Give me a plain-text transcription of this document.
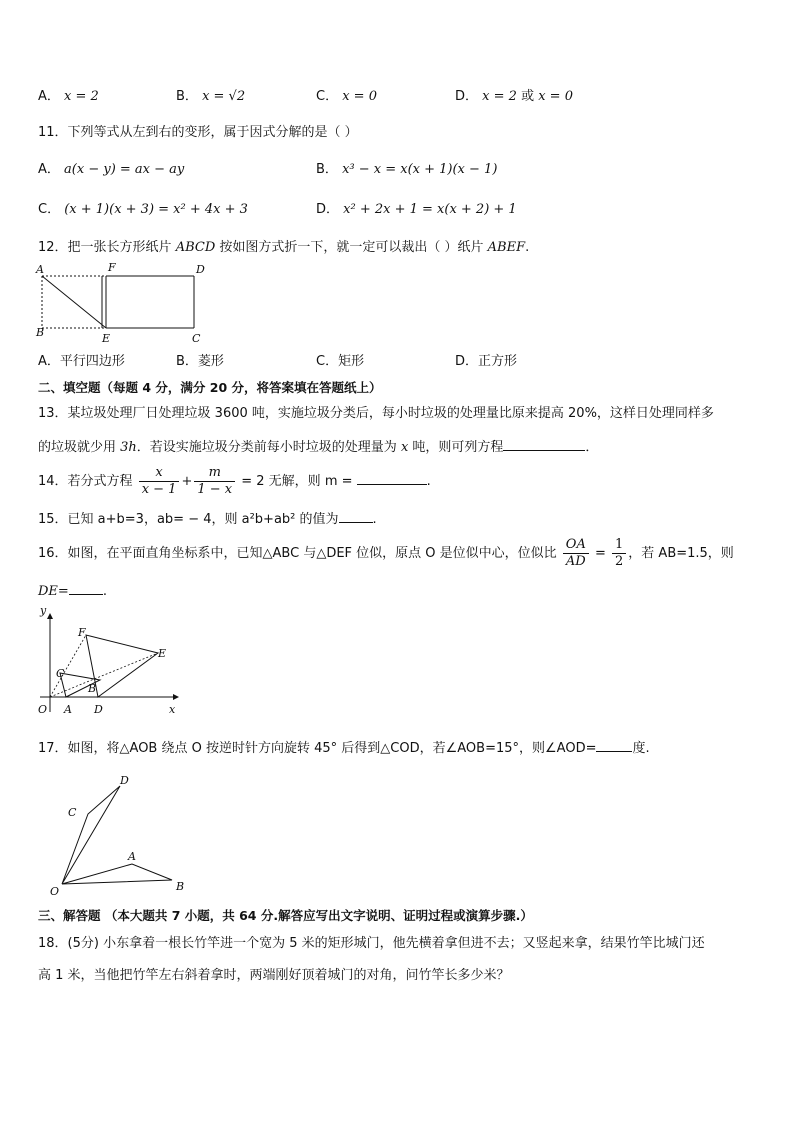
A． x = 2	B． x = √2	C． x = 0	D． x = 2 或 x = 0
11．下列等式从左到右的变形，属于因式分解的是（ ）
A． a(x − y) = ax − ay	B． x³ − x = x(x + 1)(x − 1)
C． (x + 1)(x + 3) = x² + 4x + 3	D． x² + 2x + 1 = x(x + 2) + 1
12．把一张长方形纸片 ABCD 按如图方式折一下，就一定可以裁出（ ）纸片 ABEF.
A	F	D
B	E	C
A．平行四边形	B．菱形	C．矩形	D．正方形
二、填空题（每题 4 分，满分 20 分，将答案填在答题纸上）
13．某垃圾处理厂日处理垃圾 3600 吨，实施垃圾分类后，每小时垃圾的处理量比原来提高 20%，这样日处理同样多
的垃圾就少用 3h．若设实施垃圾分类前每小时垃圾的处理量为 x 吨，则可列方程	．
14．若分式方程 $\frac{x}{x - 1} + \frac{m}{1 - x} = 2$ 无解，则 m =	.
15．已知 a+b=3，ab= − 4，则 a²b+ab² 的值为	.
16．如图，在平面直角坐标系中，已知△ABC 与△DEF 位似，原点 O 是位似中心，位似比 $\frac{OA}{AD} = \frac{1}{2}$ ，若 AB=1.5，则
DE=	.
y
x
O A
B
C
D
E
F
17．如图，将△AOB 绕点 O 按逆时针方向旋转 45° 后得到△COD，若∠AOB=15°，则∠AOD=	度.
D
C
A
O	B
三、解答题 （本大题共 7 小题，共 64 分.解答应写出文字说明、证明过程或演算步骤.）
18．(5分) 小东拿着一根长竹竿进一个宽为 5 米的矩形城门，他先横着拿但进不去；又竖起来拿，结果竹竿比城门还
高 1 米，当他把竹竿左右斜着拿时，两端刚好顶着城门的对角，问竹竿长多少米？
